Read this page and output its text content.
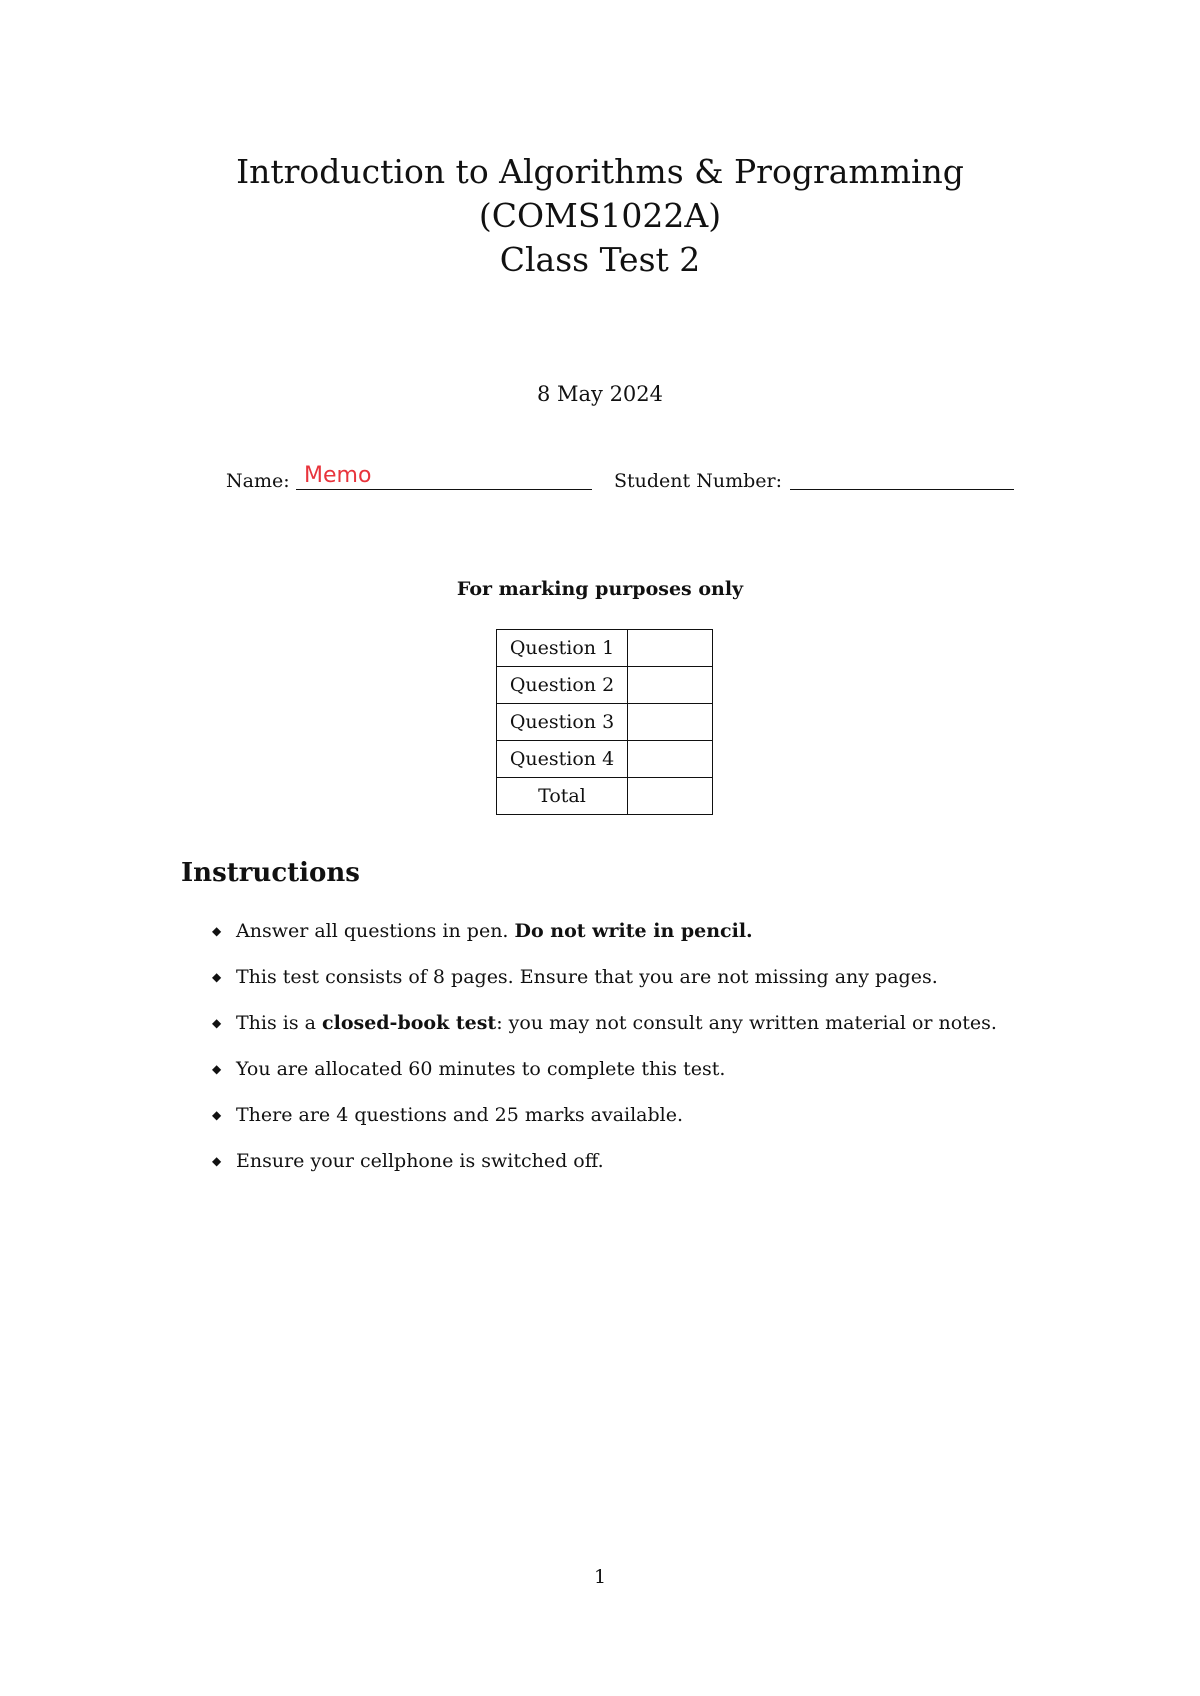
Introduction to Algorithms & Programming
(COMS1022A)
Class Test 2
8 May 2024
Name: Memo	Student Number:
For marking purposes only
Question 1	
Question 2	
Question 3	
Question 4	
Total	
Instructions
◆ Answer all questions in pen. Do not write in pencil.
◆ This test consists of 8 pages. Ensure that you are not missing any pages.
◆ This is a closed-book test: you may not consult any written material or notes.
◆ You are allocated 60 minutes to complete this test.
◆ There are 4 questions and 25 marks available.
◆ Ensure your cellphone is switched off.
1
